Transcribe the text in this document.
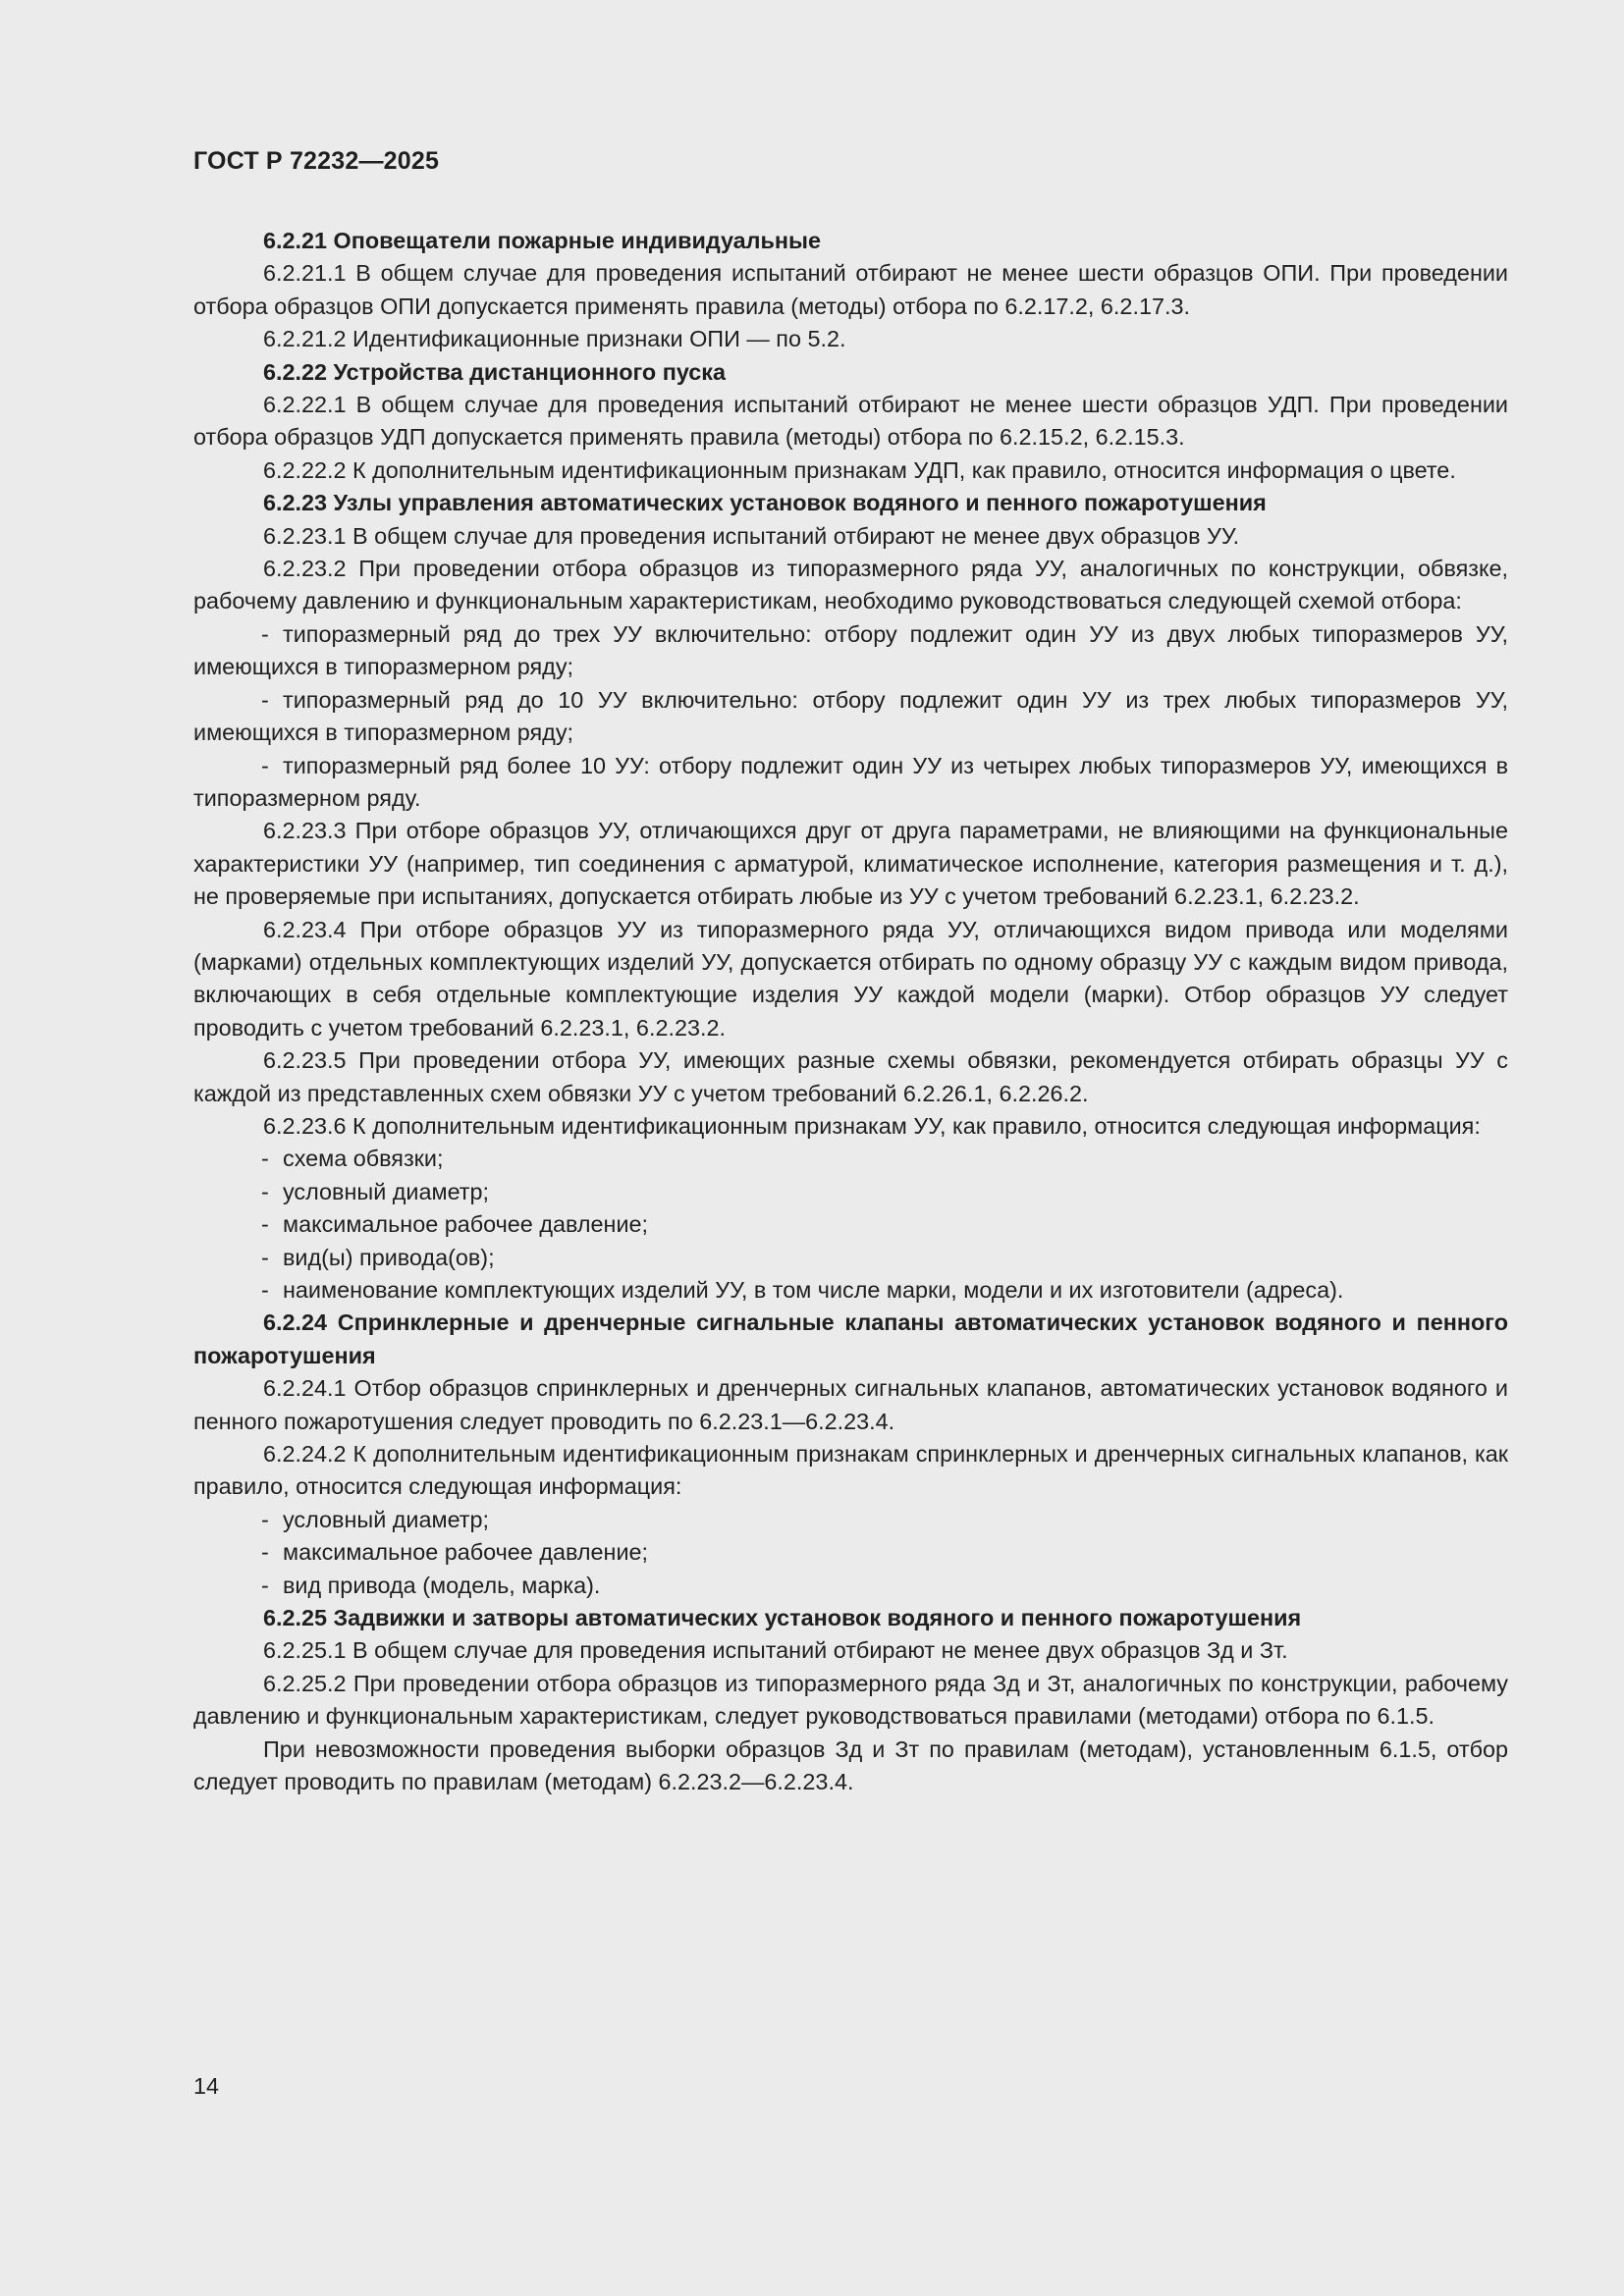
ГОСТ Р 72232—2025

6.2.21 Оповещатели пожарные индивидуальные

6.2.21.1 В общем случае для проведения испытаний отбирают не менее шести образцов ОПИ. При проведении отбора образцов ОПИ допускается применять правила (методы) отбора по 6.2.17.2, 6.2.17.3.

6.2.21.2 Идентификационные признаки ОПИ — по 5.2.

6.2.22 Устройства дистанционного пуска

6.2.22.1 В общем случае для проведения испытаний отбирают не менее шести образцов УДП. При проведении отбора образцов УДП допускается применять правила (методы) отбора по 6.2.15.2, 6.2.15.3.

6.2.22.2 К дополнительным идентификационным признакам УДП, как правило, относится информация о цвете.

6.2.23 Узлы управления автоматических установок водяного и пенного пожаротушения

6.2.23.1 В общем случае для проведения испытаний отбирают не менее двух образцов УУ.

6.2.23.2 При проведении отбора образцов из типоразмерного ряда УУ, аналогичных по конструкции, обвязке, рабочему давлению и функциональным характеристикам, необходимо руководствоваться следующей схемой отбора:

- типоразмерный ряд до трех УУ включительно: отбору подлежит один УУ из двух любых типоразмеров УУ, имеющихся в типоразмерном ряду;

- типоразмерный ряд до 10 УУ включительно: отбору подлежит один УУ из трех любых типоразмеров УУ, имеющихся в типоразмерном ряду;

- типоразмерный ряд более 10 УУ: отбору подлежит один УУ из четырех любых типоразмеров УУ, имеющихся в типоразмерном ряду.

6.2.23.3 При отборе образцов УУ, отличающихся друг от друга параметрами, не влияющими на функциональные характеристики УУ (например, тип соединения с арматурой, климатическое исполнение, категория размещения и т. д.), не проверяемые при испытаниях, допускается отбирать любые из УУ с учетом требований 6.2.23.1, 6.2.23.2.

6.2.23.4 При отборе образцов УУ из типоразмерного ряда УУ, отличающихся видом привода или моделями (марками) отдельных комплектующих изделий УУ, допускается отбирать по одному образцу УУ с каждым видом привода, включающих в себя отдельные комплектующие изделия УУ каждой модели (марки). Отбор образцов УУ следует проводить с учетом требований 6.2.23.1, 6.2.23.2.

6.2.23.5 При проведении отбора УУ, имеющих разные схемы обвязки, рекомендуется отбирать образцы УУ с каждой из представленных схем обвязки УУ с учетом требований 6.2.26.1, 6.2.26.2.

6.2.23.6 К дополнительным идентификационным признакам УУ, как правило, относится следующая информация:

- схема обвязки;

- условный диаметр;

- максимальное рабочее давление;

- вид(ы) привода(ов);

- наименование комплектующих изделий УУ, в том числе марки, модели и их изготовители (адреса).

6.2.24 Спринклерные и дренчерные сигнальные клапаны автоматических установок водяного и пенного пожаротушения

6.2.24.1 Отбор образцов спринклерных и дренчерных сигнальных клапанов, автоматических установок водяного и пенного пожаротушения следует проводить по 6.2.23.1—6.2.23.4.

6.2.24.2 К дополнительным идентификационным признакам спринклерных и дренчерных сигнальных клапанов, как правило, относится следующая информация:

- условный диаметр;

- максимальное рабочее давление;

- вид привода (модель, марка).

6.2.25 Задвижки и затворы автоматических установок водяного и пенного пожаротушения

6.2.25.1 В общем случае для проведения испытаний отбирают не менее двух образцов Зд и Зт.

6.2.25.2 При проведении отбора образцов из типоразмерного ряда Зд и Зт, аналогичных по конструкции, рабочему давлению и функциональным характеристикам, следует руководствоваться правилами (методами) отбора по 6.1.5.

При невозможности проведения выборки образцов Зд и Зт по правилам (методам), установленным 6.1.5, отбор следует проводить по правилам (методам) 6.2.23.2—6.2.23.4.

14
